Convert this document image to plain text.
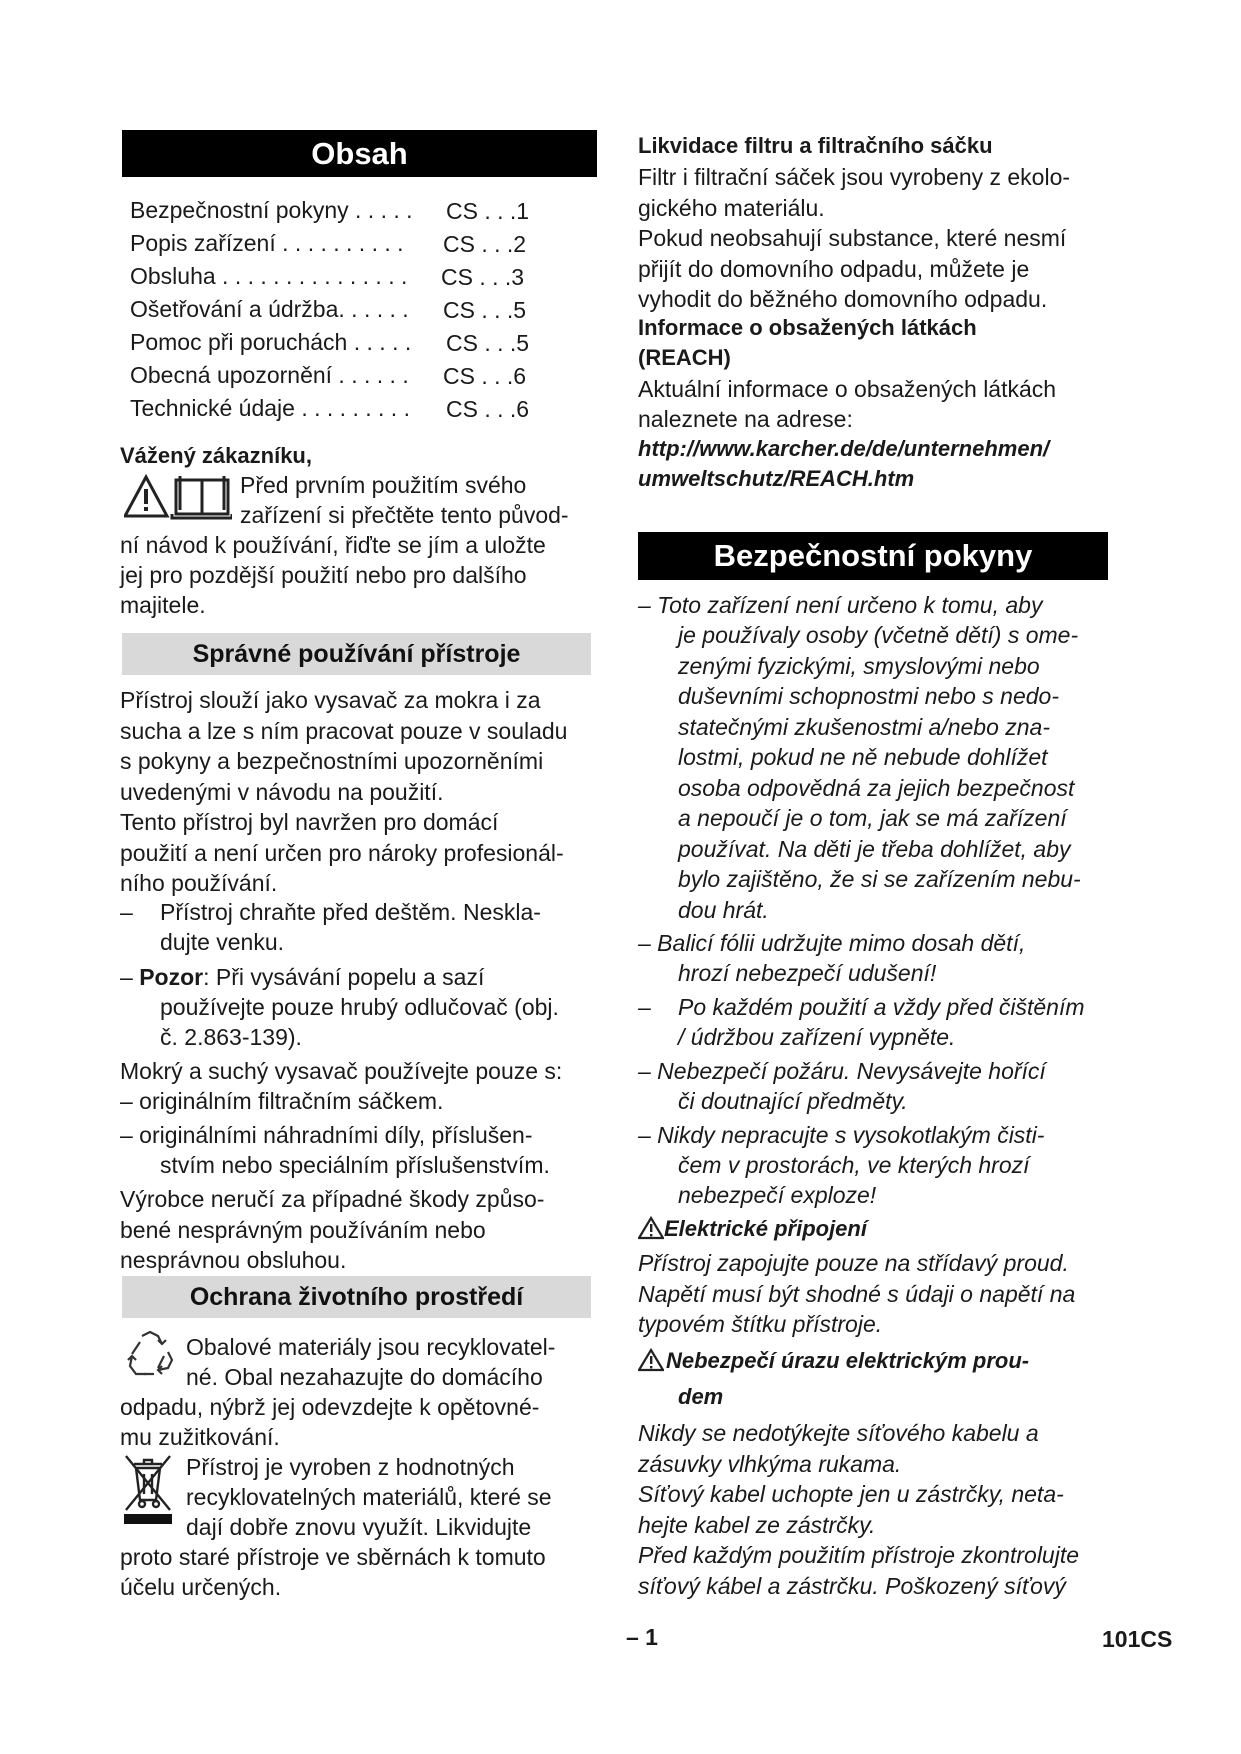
Obsah
Bezpečnostní pokyny . . . . . CS . . .1
Popis zařízení . . . . . . . . . . CS . . .2
Obsluha . . . . . . . . . . . . . . . CS . . .3
Ošetřování a údržba. . . . . . CS . . .5
Pomoc při poruchách . . . . . CS . . .5
Obecná upozornění . . . . . . CS . . .6
Technické údaje . . . . . . . . . CS . . .6
Vážený zákazníku,
Před prvním použitím svého
zařízení si přečtěte tento původ-
ní návod k používání, řiďte se jím a uložte
jej pro pozdější použití nebo pro dalšího
majitele.
Správné používání přístroje

Přístroj slouží jako vysavač za mokra i za

sucha a lze s ním pracovat pouze v souladu

s pokyny a bezpečnostními upozorněními

uvedenými v návodu na použití.

Tento přístroj byl navržen pro domácí

použití a není určen pro nároky profesionál-

ního používání.

– Přístroj chraňte před deštěm. Nesklа-
dujte venku.
– Pozor: Při vysávání popelu a sazí
používejte pouze hrubý odlučovač (obj.
č. 2.863-139).
Mokrý a suchý vysavač používejte pouze s:
– originálním filtračním sáčkem.
– originálními náhradními díly, příslušen-
stvím nebo speciálním příslušenstvím.

Výrobce neručí za případné škody způso-

bené nesprávným používáním nebo

nesprávnou obsluhou.

Ochrana životního prostředí
Obalové materiály jsou recyklovatel-
né. Obal nezahazujte do domácího
odpadu, nýbrž jej odevzdejte k opětovné-
mu zužitkování.
Přístroj je vyroben z hodnotných
recyklovatelných materiálů, které se
dají dobře znovu využít. Likvidujte
proto staré přístroje ve sběrnách k tomuto
účelu určených.
Likvidace filtru a filtračního sáčku

Filtr i filtrační sáček jsou vyrobeny z ekolo-

gického materiálu.

Pokud neobsahují substance, které nesmí

přijít do domovního odpadu, můžete je

vyhodit do běžného domovního odpadu.

Informace o obsažených látkách
(REACH)
Aktuální informace o obsažených látkách
naleznete na adrese:
http://www.karcher.de/de/unternehmen/
umweltschutz/REACH.htm
Bezpečnostní pokyny
– Toto zařízení není určeno k tomu, aby

je používaly osoby (včetně dětí) s ome-

zenými fyzickými, smyslovými nebo

duševními schopnostmi nebo s nedo-

statečnými zkušenostmi a/nebo zna-

lostmi, pokud ne ně nebude dohlížet

osoba odpovědná za jejich bezpečnost

a nepoučí je o tom, jak se má zařízení

používat. Na děti je třeba dohlížet, aby

bylo zajištěno, že si se zařízením nebu-

dou hrát.

– Balicí fólii udržujte mimo dosah dětí,
hrozí nebezpečí udušení!
– Po každém použití a vždy před čištěním
/ údržbou zařízení vypněte.
– Nebezpečí požáru. Nevysávejte hořící
či doutnající předměty.
– Nikdy nepracujte s vysokotlakým čisti-
čem v prostorách, ve kterých hrozí
nebezpečí exploze!
Elektrické připojení

Přístroj zapojujte pouze na střídavý proud.

Napětí musí být shodné s údaji o napětí na

typovém štítku přístroje.

Nebezpečí úrazu elektrickým prou-
dem

Nikdy se nedotýkejte síťového kabelu a

zásuvky vlhkýma rukama.

Síťový kabel uchopte jen u zástrčky, neta-

hejte kabel ze zástrčky.

Před každým použitím přístroje zkontrolujte

síťový kábel a zástrčku. Poškozený síťový

– 1	101CS
